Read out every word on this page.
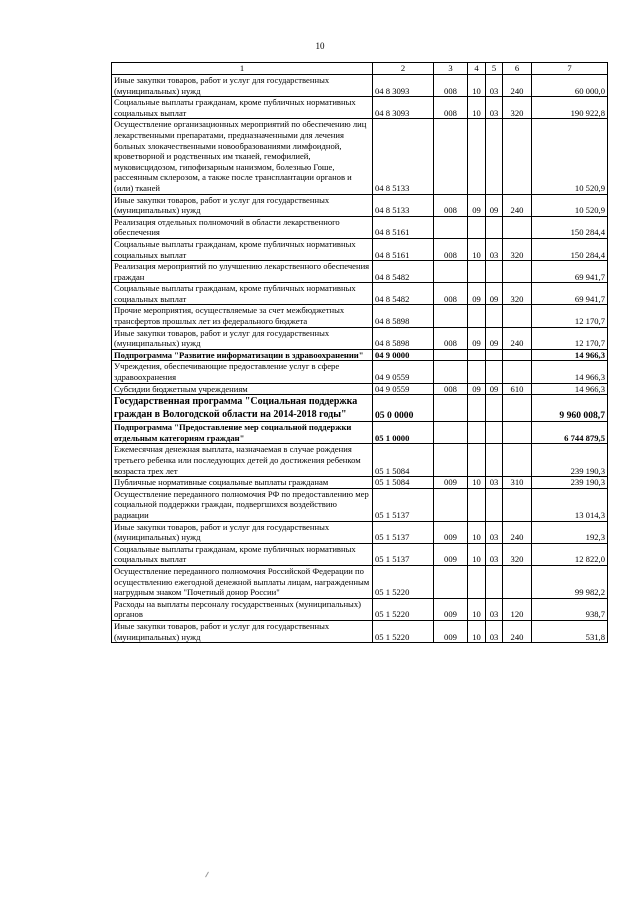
10
1	2	3	4	5	6	7
Иные закупки товаров, работ и услуг для государственных (муниципальных) нужд	04 8 3093	008	10	03	240	60 000,0
Социальные выплаты гражданам, кроме публичных нормативных социальных выплат	04 8 3093	008	10	03	320	190 922,8
Осуществление организационных мероприятий по обеспечению лиц лекарственными препаратами, предназначенными для лечения больных злокачественными новообразованиями лимфоидной, кроветворной и родственных им тканей, гемофилией, муковисцидозом, гипофизарным нанизмом, болезнью Гоше, рассеянным склерозом, а также после трансплантации органов и (или) тканей	04 8 5133					10 520,9
Иные закупки товаров, работ и услуг для государственных (муниципальных) нужд	04 8 5133	008	09	09	240	10 520,9
Реализация отдельных полномочий в области лекарственного обеспечения	04 8 5161					150 284,4
Социальные выплаты гражданам, кроме публичных нормативных социальных выплат	04 8 5161	008	10	03	320	150 284,4
Реализация мероприятий по улучшению лекарственного обеспечения граждан	04 8 5482					69 941,7
Социальные выплаты гражданам, кроме публичных нормативных социальных выплат	04 8 5482	008	09	09	320	69 941,7
Прочие мероприятия, осуществляемые за счет межбюджетных трансфертов прошлых лет из федерального бюджета	04 8 5898					12 170,7
Иные закупки товаров, работ и услуг для государственных (муниципальных) нужд	04 8 5898	008	09	09	240	12 170,7
Подпрограмма "Развитие информатизации в здравоохранении"	04 9 0000					14 966,3
Учреждения, обеспечивающие предоставление услуг в сфере здравоохранения	04 9 0559					14 966,3
Субсидии бюджетным учреждениям	04 9 0559	008	09	09	610	14 966,3
Государственная программа "Социальная поддержка граждан в Вологодской области на 2014-2018 годы"	05 0 0000					9 960 008,7
Подпрограмма "Предоставление мер социальной поддержки отдельным категориям граждан"	05 1 0000					6 744 879,5
Ежемесячная денежная выплата, назначаемая в случае рождения третьего ребенка или последующих детей до достижения ребенком возраста трех лет	05 1 5084					239 190,3
Публичные нормативные социальные выплаты гражданам	05 1 5084	009	10	03	310	239 190,3
Осуществление переданного полномочия РФ по предоставлению мер социальной поддержки граждан, подвергшихся воздействию радиации	05 1 5137					13 014,3
Иные закупки товаров, работ и услуг для государственных (муниципальных) нужд	05 1 5137	009	10	03	240	192,3
Социальные выплаты гражданам, кроме публичных нормативных социальных выплат	05 1 5137	009	10	03	320	12 822,0
Осуществление переданного полномочия Российской Федерации по осуществлению ежегодной денежной выплаты лицам, награжденным нагрудным знаком "Почетный донор России"	05 1 5220					99 982,2
Расходы на выплаты персоналу государственных (муниципальных) органов	05 1 5220	009	10	03	120	938,7
Иные закупки товаров, работ и услуг для государственных (муниципальных) нужд	05 1 5220	009	10	03	240	531,8
